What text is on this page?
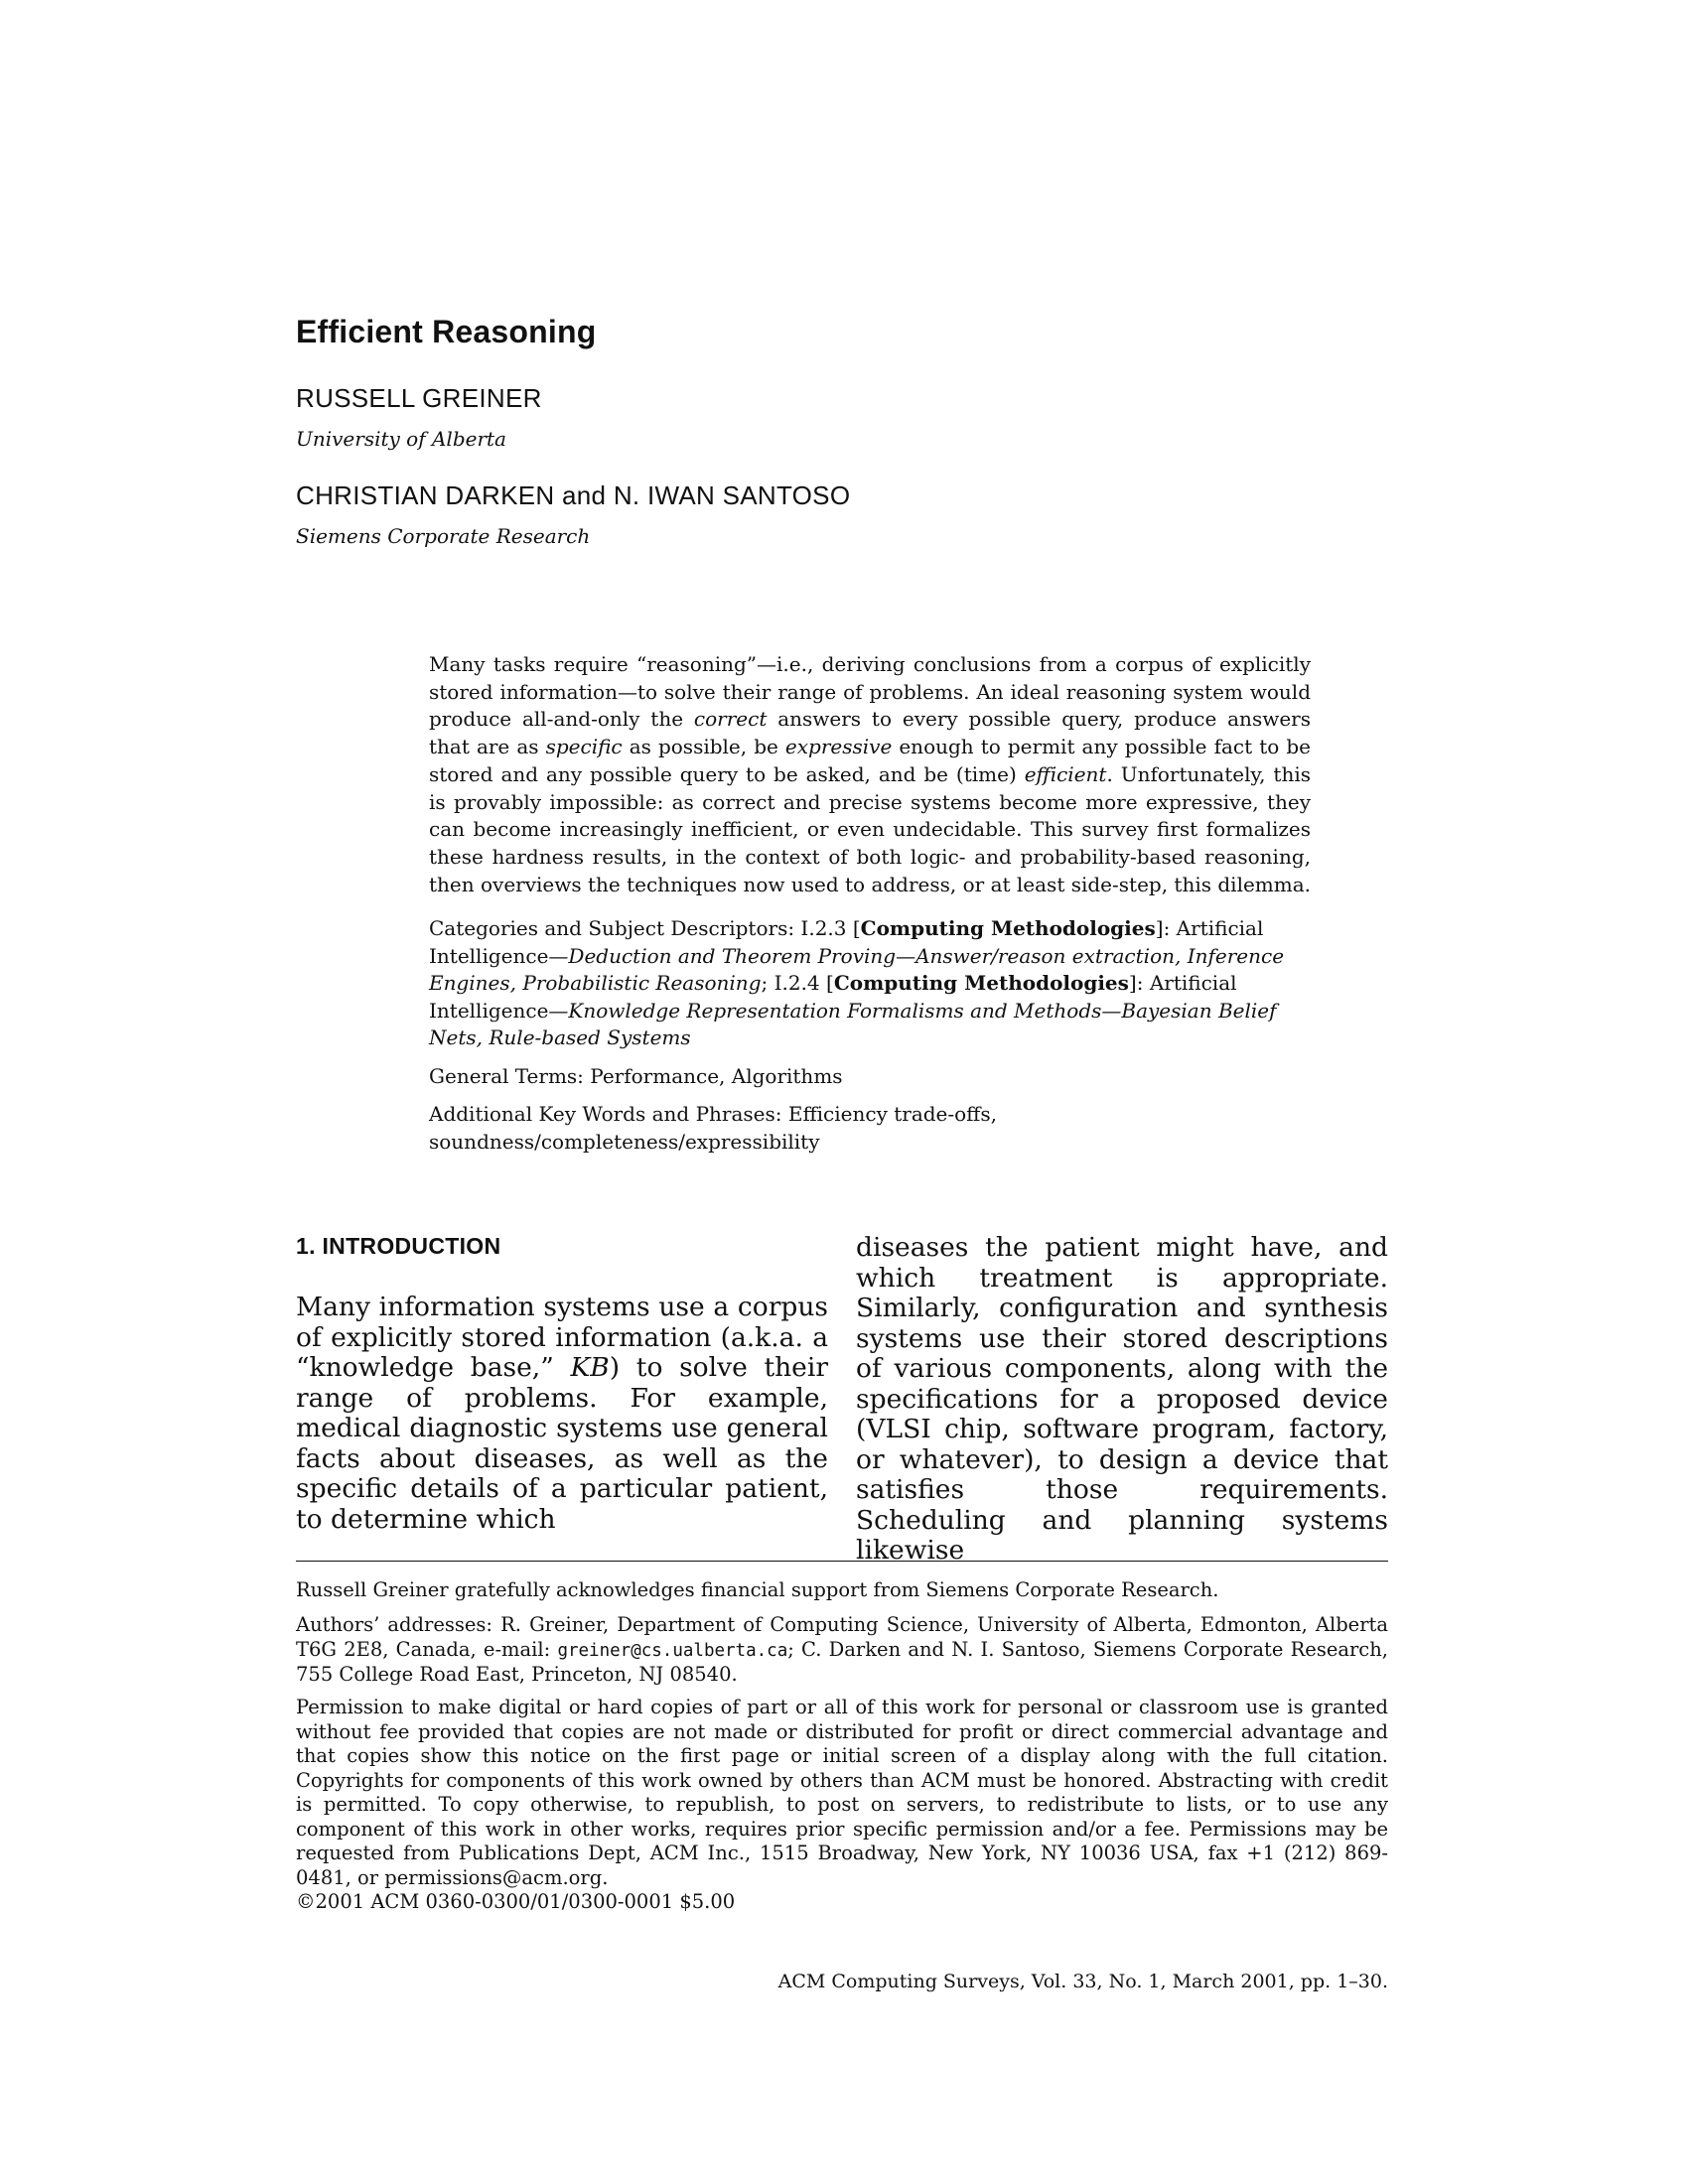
Efficient Reasoning
RUSSELL GREINER
University of Alberta
CHRISTIAN DARKEN and N. IWAN SANTOSO
Siemens Corporate Research

Many tasks require “reasoning”—i.e., deriving conclusions from a corpus of explicitly stored information—to solve their range of problems. An ideal reasoning system would produce all-and-only the correct answers to every possible query, produce answers that are as specific as possible, be expressive enough to permit any possible fact to be stored and any possible query to be asked, and be (time) efficient. Unfortunately, this is provably impossible: as correct and precise systems become more expressive, they can become increasingly inefficient, or even undecidable. This survey first formalizes these hardness results, in the context of both logic- and probability-based reasoning, then overviews the techniques now used to address, or at least side-step, this dilemma.

Categories and Subject Descriptors: I.2.3 [Computing Methodologies]: Artificial Intelligence—Deduction and Theorem Proving—Answer/reason extraction, Inference Engines, Probabilistic Reasoning; I.2.4 [Computing Methodologies]: Artificial Intelligence—Knowledge Representation Formalisms and Methods—Bayesian Belief Nets, Rule-based Systems

General Terms: Performance, Algorithms
Additional Key Words and Phrases: Efficiency trade-offs, soundness/completeness/expressibility
1. INTRODUCTION

Many information systems use a corpus of explicitly stored information (a.k.a. a “knowledge base,” KB) to solve their range of problems. For example, medical diagnostic systems use general facts about diseases, as well as the specific details of a particular patient, to determine which

diseases the patient might have, and which treatment is appropriate. Similarly, configuration and synthesis systems use their stored descriptions of various components, along with the specifications for a proposed device (VLSI chip, software program, factory, or whatever), to design a device that satisfies those requirements. Scheduling and planning systems likewise

Russell Greiner gratefully acknowledges financial support from Siemens Corporate Research.

Authors’ addresses: R. Greiner, Department of Computing Science, University of Alberta, Edmonton, Alberta T6G 2E8, Canada, e-mail: greiner@cs.ualberta.ca; C. Darken and N. I. Santoso, Siemens Corporate Research, 755 College Road East, Princeton, NJ 08540.

Permission to make digital or hard copies of part or all of this work for personal or classroom use is granted without fee provided that copies are not made or distributed for profit or direct commercial advantage and that copies show this notice on the first page or initial screen of a display along with the full citation. Copyrights for components of this work owned by others than ACM must be honored. Abstracting with credit is permitted. To copy otherwise, to republish, to post on servers, to redistribute to lists, or to use any component of this work in other works, requires prior specific permission and/or a fee. Permissions may be requested from Publications Dept, ACM Inc., 1515 Broadway, New York, NY 10036 USA, fax +1 (212) 869-0481, or permissions@acm.org.

©2001 ACM 0360-0300/01/0300-0001 $5.00

ACM Computing Surveys, Vol. 33, No. 1, March 2001, pp. 1–30.
